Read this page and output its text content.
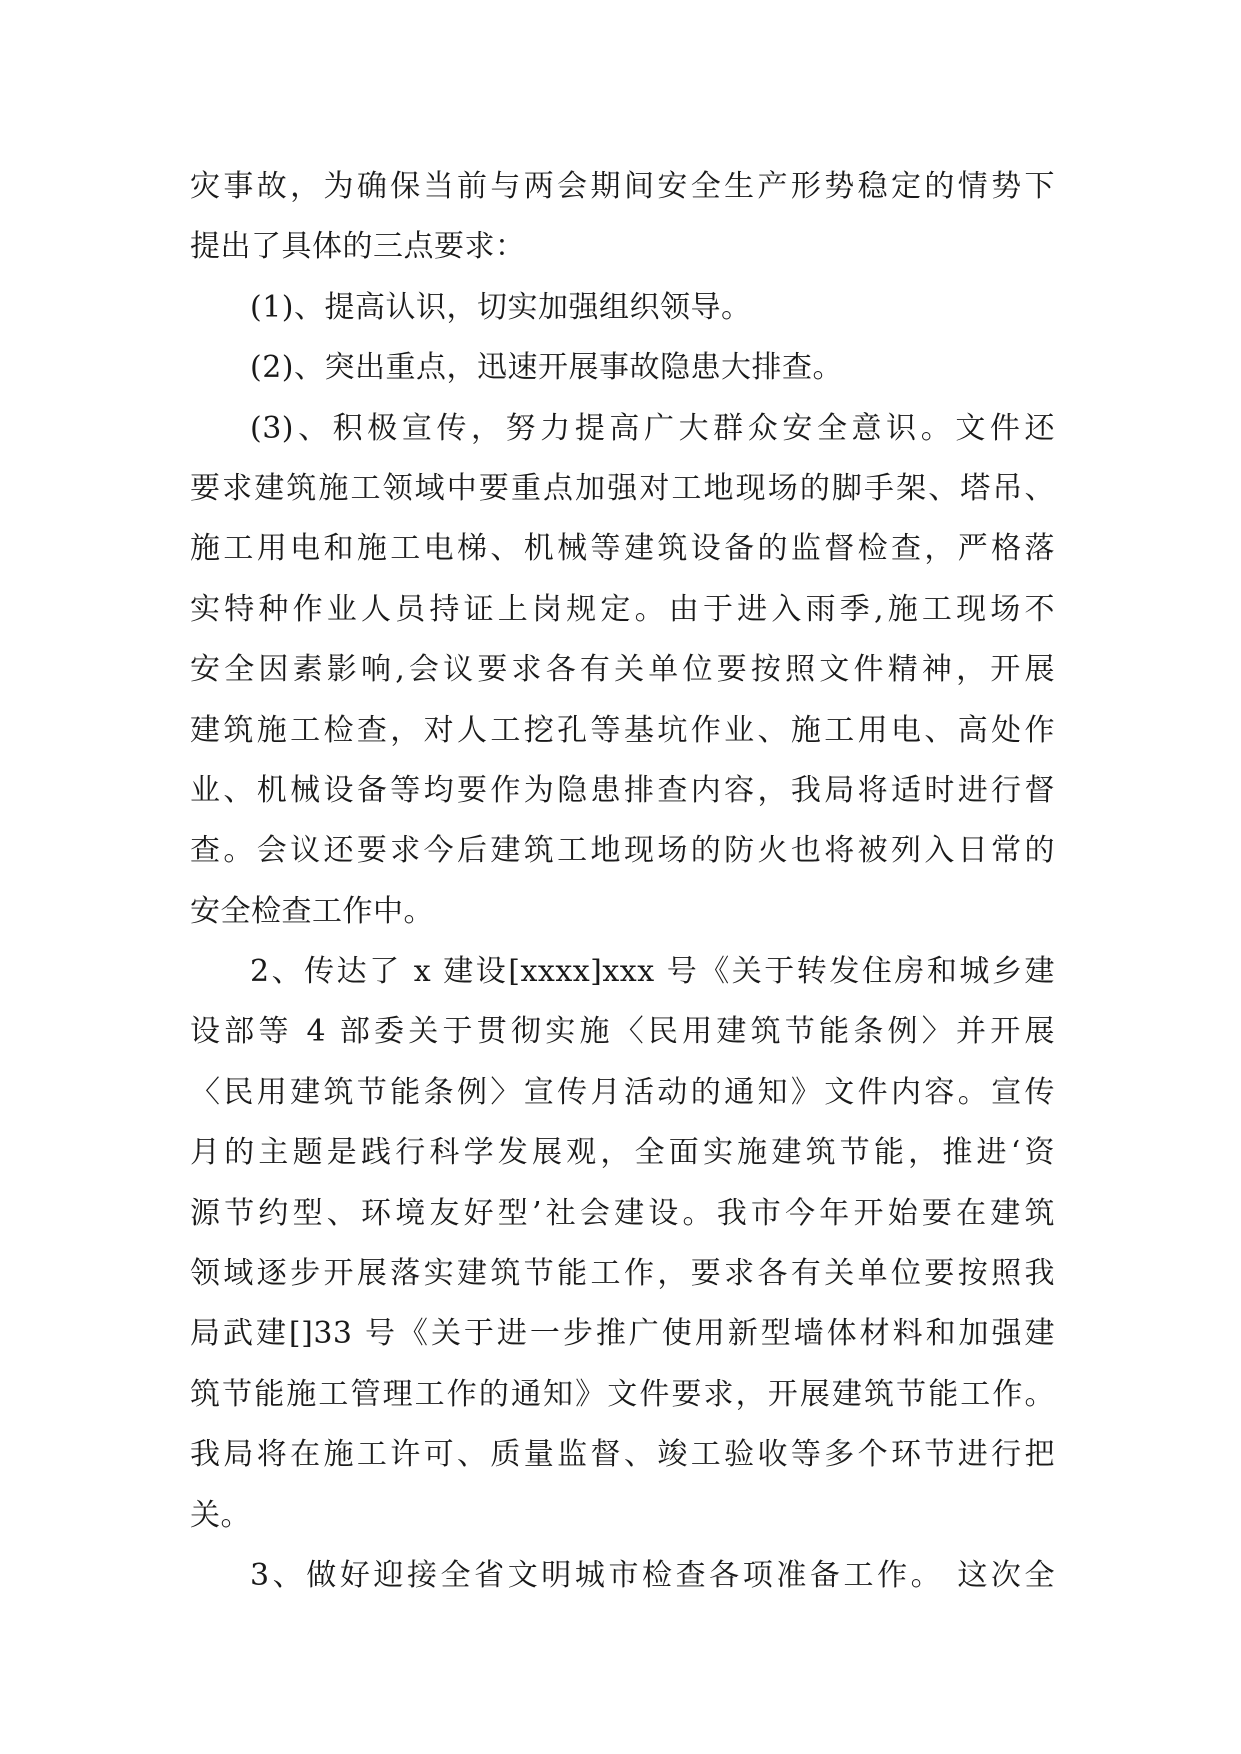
灾事故，为确保当前与两会期间安全生产形势稳定的情势下
提出了具体的三点要求：
(1)、提高认识，切实加强组织领导。
(2)、突出重点，迅速开展事故隐患大排查。
(3)、积极宣传，努力提高广大群众安全意识。文件还
要求建筑施工领域中要重点加强对工地现场的脚手架、塔吊、
施工用电和施工电梯、机械等建筑设备的监督检查，严格落
实特种作业人员持证上岗规定。由于进入雨季,施工现场不
安全因素影响,会议要求各有关单位要按照文件精神，开展
建筑施工检查，对人工挖孔等基坑作业、施工用电、高处作
业、机械设备等均要作为隐患排查内容，我局将适时进行督
查。会议还要求今后建筑工地现场的防火也将被列入日常的
安全检查工作中。
2、传达了 x 建设[xxxx]xxx 号《关于转发住房和城乡建
设部等 4 部委关于贯彻实施〈民用建筑节能条例〉并开展
〈民用建筑节能条例〉宣传月活动的通知》文件内容。宣传
月的主题是践行科学发展观，全面实施建筑节能，推进‘资
源节约型、环境友好型’社会建设。我市今年开始要在建筑
领域逐步开展落实建筑节能工作，要求各有关单位要按照我
局武建[]33 号《关于进一步推广使用新型墙体材料和加强建
筑节能施工管理工作的通知》文件要求，开展建筑节能工作。
我局将在施工许可、质量监督、竣工验收等多个环节进行把
关。
3、做好迎接全省文明城市检查各项准备工作。 这次全
